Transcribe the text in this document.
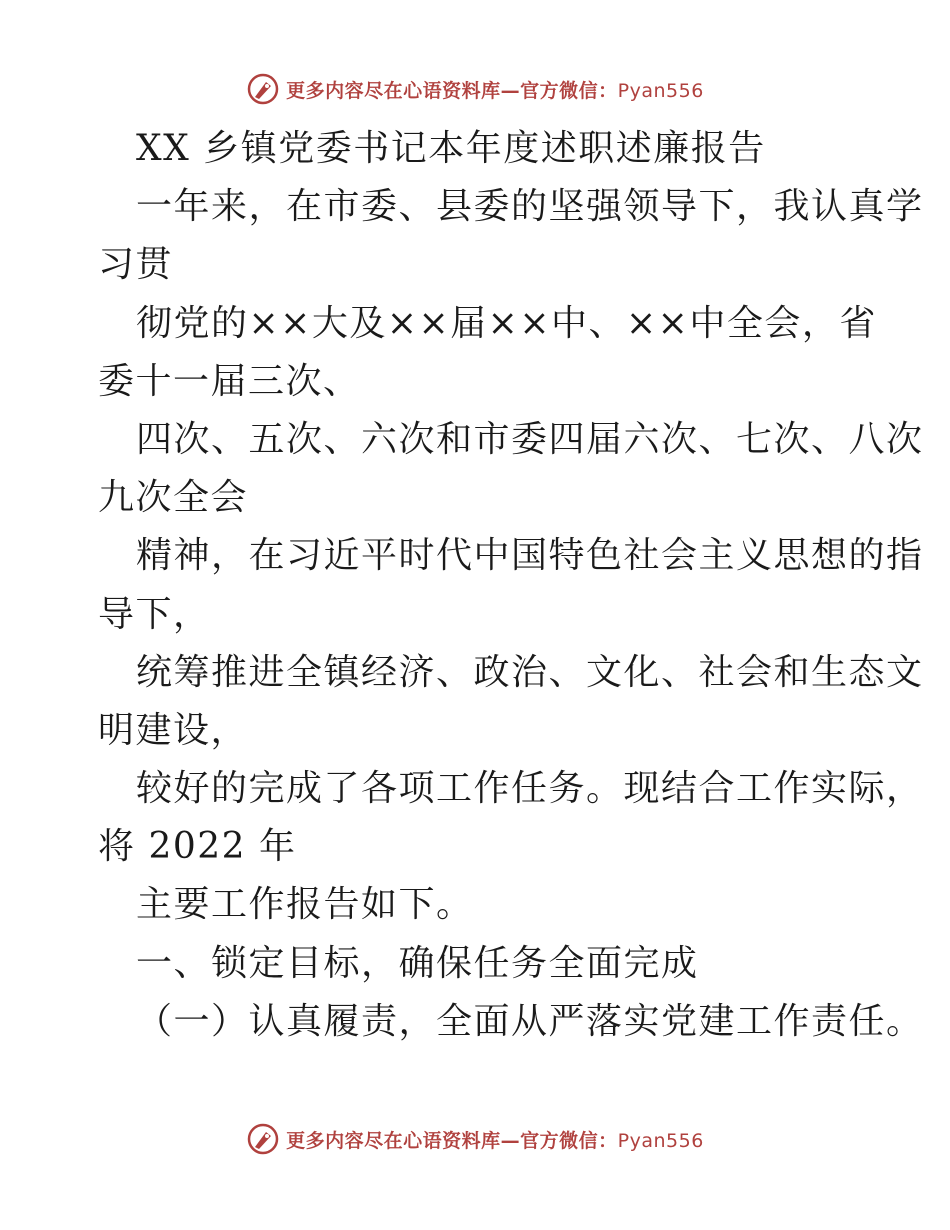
更多内容尽在心语资料库—官方微信：Pyan556
XX 乡镇党委书记本年度述职述廉报告
一年来，在市委、县委的坚强领导下，我认真学
习贯
彻党的××大及××届××中、××中全会，省
委十一届三次、
四次、五次、六次和市委四届六次、七次、八次
九次全会
精神，在习近平时代中国特色社会主义思想的指
导下，
统筹推进全镇经济、政治、文化、社会和生态文
明建设，
较好的完成了各项工作任务。现结合工作实际，
将 2022 年
主要工作报告如下。
一、锁定目标，确保任务全面完成
（一）认真履责，全面从严落实党建工作责任。
更多内容尽在心语资料库—官方微信：Pyan556
